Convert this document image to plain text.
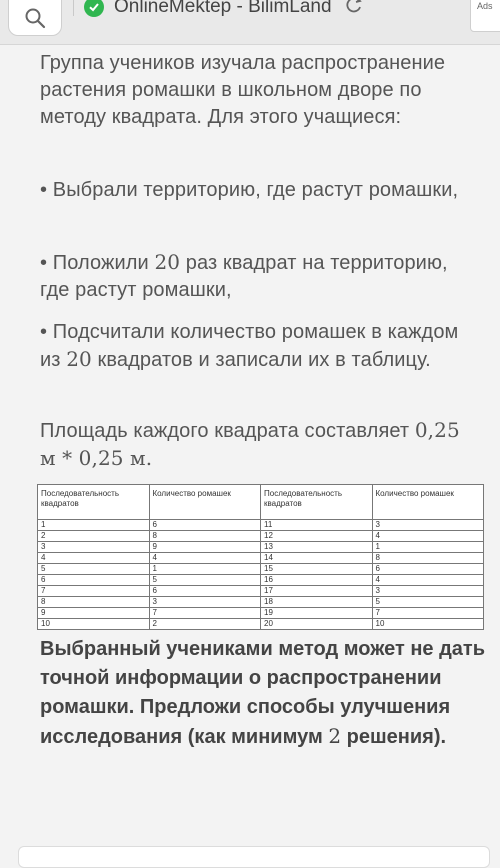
OnlineMektep - BilimLand	Ads

Группа учеников изучала распространение растения ромашки в школьном дворе по методу квадрата. Для этого учащиеся:

• Выбрали территорию, где растут ромашки,

• Положили 20 раз квадрат на территорию, где растут ромашки,

• Подсчитали количество ромашек в каждом из 20 квадратов и записали их в таблицу.

Площадь каждого квадрата составляет 0,25 м * 0,25 м.

Последовательность квадратов	Количество ромашек	Последовательность квадратов	Количество ромашек
1	6	11	3
2	8	12	4
3	9	13	1
4	4	14	8
5	1	15	6
6	5	16	4
7	6	17	3
8	3	18	5
9	7	19	7
10	2	20	10
Выбранный учениками метод может не дать точной информации о распространении ромашки. Предложи способы улучшения исследования (как минимум 2 решения).
